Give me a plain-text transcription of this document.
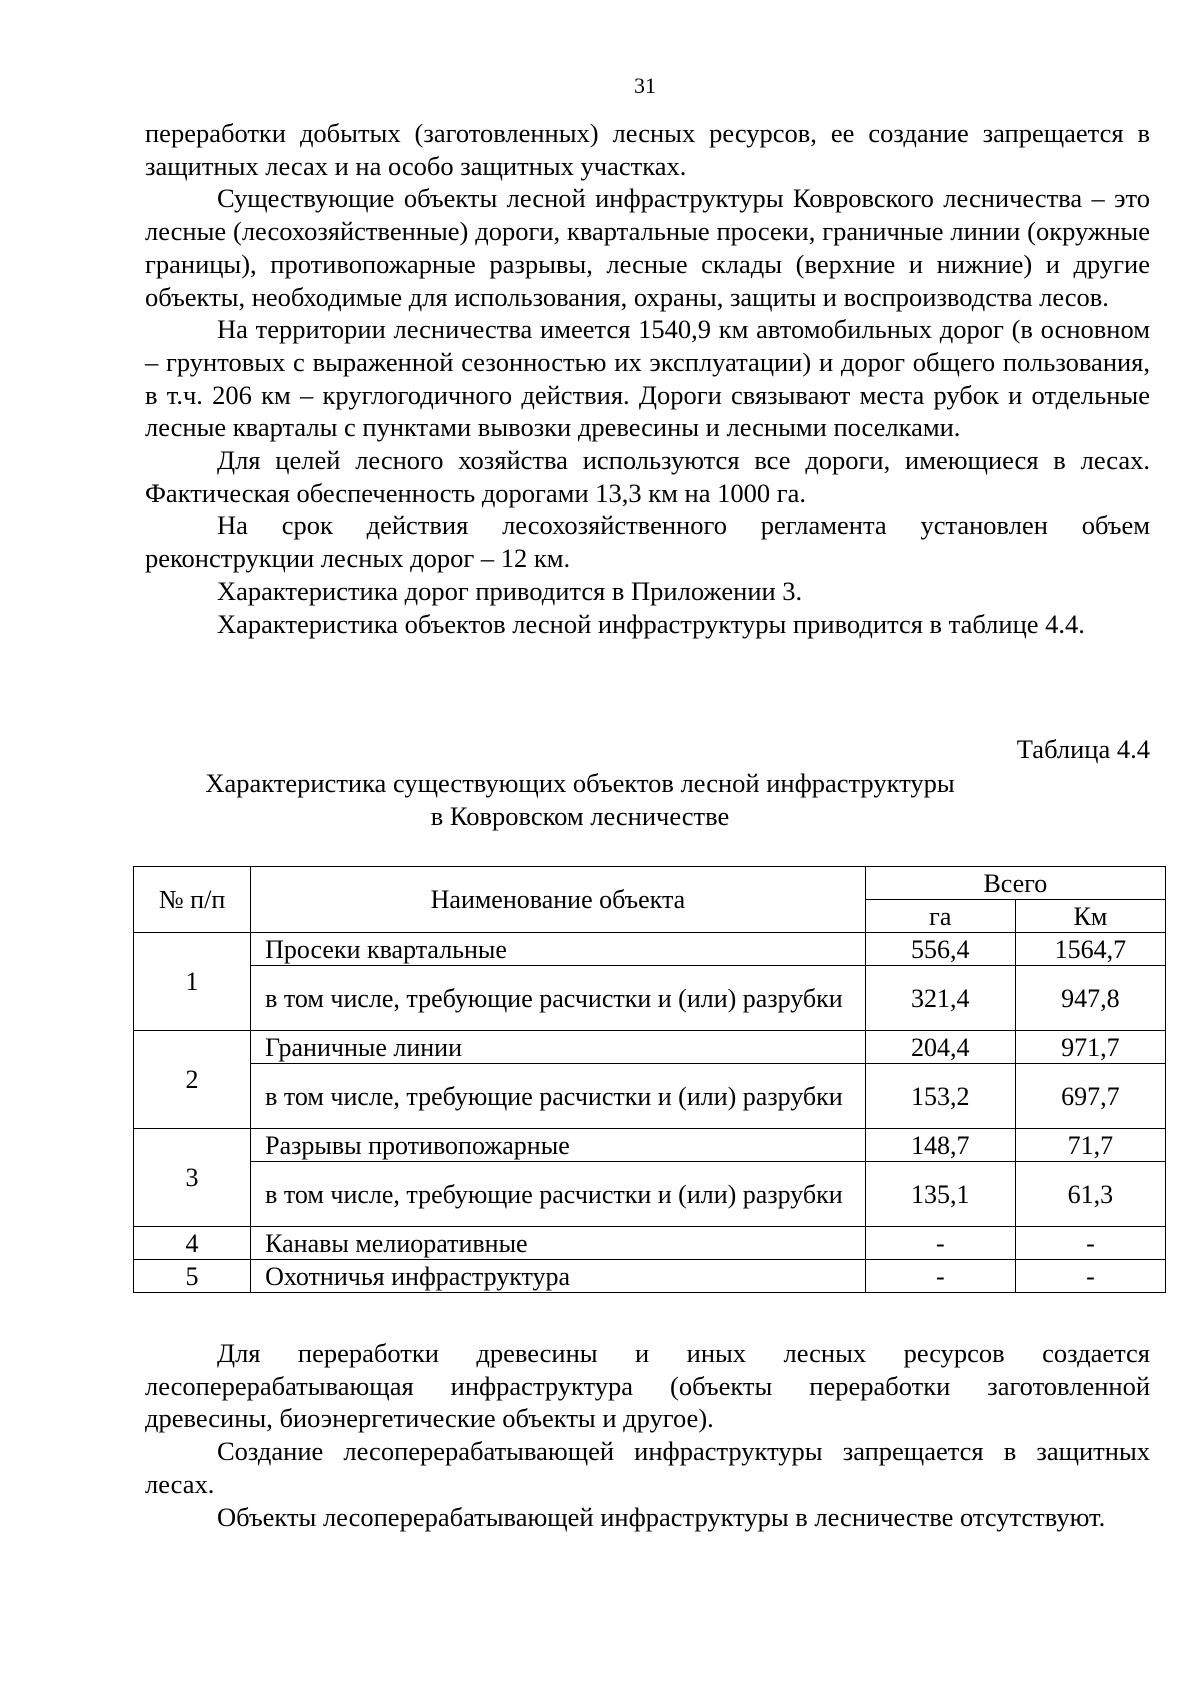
31

переработки добытых (заготовленных) лесных ресурсов, ее создание запрещается в защитных лесах и на особо защитных участках.

Существующие объекты лесной инфраструктуры Ковровского лесничества – это лесные (лесохозяйственные) дороги, квартальные просеки, граничные линии (окружные границы), противопожарные разрывы, лесные склады (верхние и нижние) и другие объекты, необходимые для использования, охраны, защиты и воспроизводства лесов.

На территории лесничества имеется 1540,9 км автомобильных дорог (в основном – грунтовых с выраженной сезонностью их эксплуатации) и дорог общего пользования, в т.ч. 206 км – круглогодичного действия. Дороги связывают места рубок и отдельные лесные кварталы с пунктами вывозки древесины и лесными поселками.

Для целей лесного хозяйства используются все дороги, имеющиеся в лесах. Фактическая обеспеченность дорогами 13,3 км на 1000 га.

На срок действия лесохозяйственного регламента установлен объем реконструкции лесных дорог – 12 км.

Характеристика дорог приводится в Приложении 3.

Характеристика объектов лесной инфраструктуры приводится в таблице 4.4.

Таблица 4.4
Характеристика существующих объектов лесной инфраструктуры
в Ковровском лесничестве
№ п/п	Наименование объекта	Всего	
		га	Км
1	Просеки квартальные	556,4	1564,7
	в том числе, требующие расчистки и (или) разрубки	321,4	947,8
2	Граничные линии	204,4	971,7
	в том числе, требующие расчистки и (или) разрубки	153,2	697,7
3	Разрывы противопожарные	148,7	71,7
	в том числе, требующие расчистки и (или) разрубки	135,1	61,3
4	Канавы мелиоративные	-	-
5	Охотничья инфраструктура	-	-

Для переработки древесины и иных лесных ресурсов создается лесоперерабатывающая инфраструктура (объекты переработки заготовленной древесины, биоэнергетические объекты и другое).

Создание лесоперерабатывающей инфраструктуры запрещается в защитных лесах.

Объекты лесоперерабатывающей инфраструктуры в лесничестве отсутствуют.
